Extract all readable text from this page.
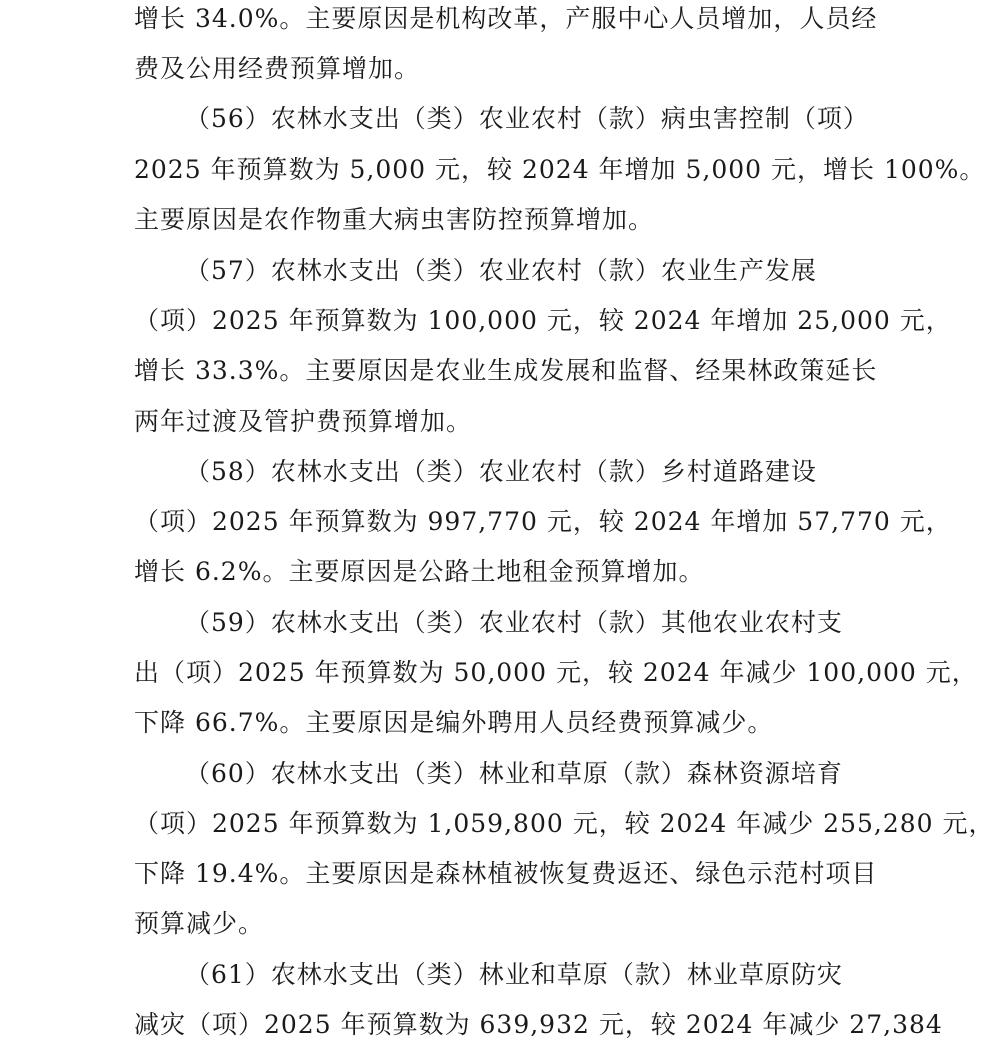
增长 34.0%。主要原因是机构改革，产服中心人员增加，人员经
费及公用经费预算增加。
（56）农林水支出（类）农业农村（款）病虫害控制（项）
2025 年预算数为 5,000 元，较 2024 年增加 5,000 元，增长 100%。
主要原因是农作物重大病虫害防控预算增加。
（57）农林水支出（类）农业农村（款）农业生产发展
（项）2025 年预算数为 100,000 元，较 2024 年增加 25,000 元，
增长 33.3%。主要原因是农业生成发展和监督、经果林政策延长
两年过渡及管护费预算增加。
（58）农林水支出（类）农业农村（款）乡村道路建设
（项）2025 年预算数为 997,770 元，较 2024 年增加 57,770 元，
增长 6.2%。主要原因是公路土地租金预算增加。
（59）农林水支出（类）农业农村（款）其他农业农村支
出（项）2025 年预算数为 50,000 元，较 2024 年减少 100,000 元，
下降 66.7%。主要原因是编外聘用人员经费预算减少。
（60）农林水支出（类）林业和草原（款）森林资源培育
（项）2025 年预算数为 1,059,800 元，较 2024 年减少 255,280 元，
下降 19.4%。主要原因是森林植被恢复费返还、绿色示范村项目
预算减少。
（61）农林水支出（类）林业和草原（款）林业草原防灾
减灾（项）2025 年预算数为 639,932 元，较 2024 年减少 27,384
